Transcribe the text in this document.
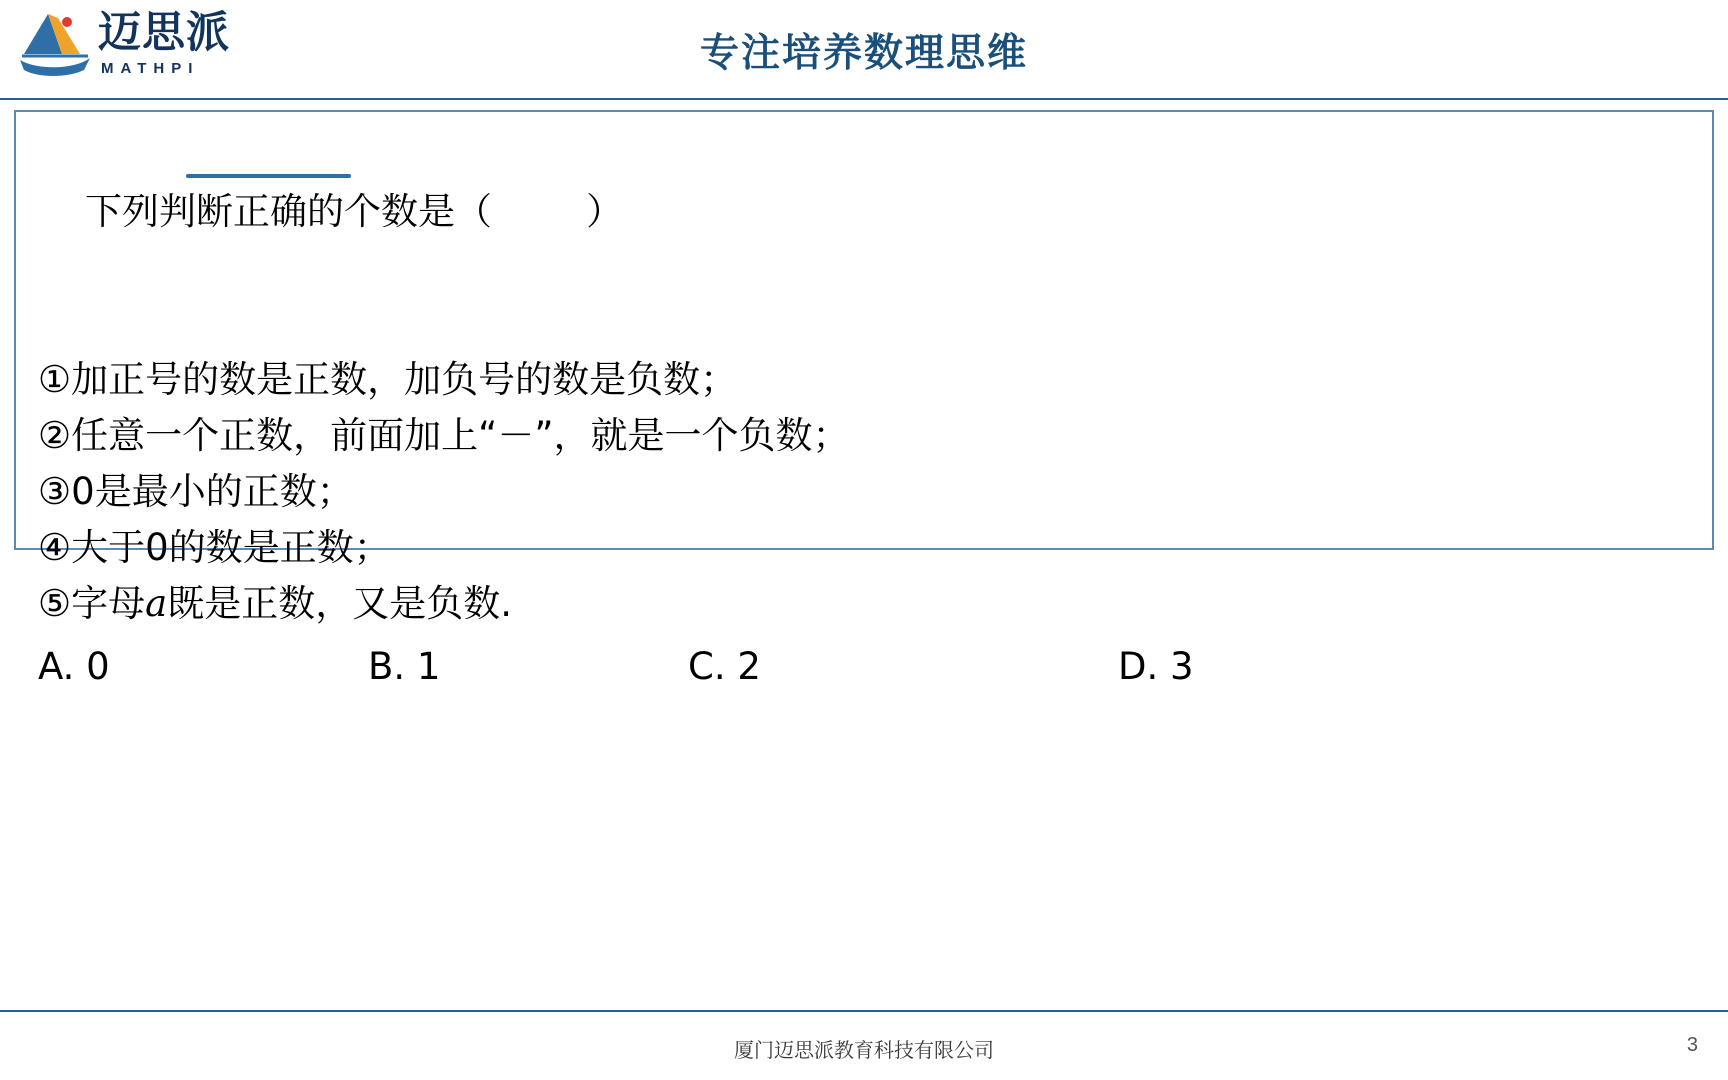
迈思派
MATHPI	专注培养数理思维

下列判断正确的个数是（        ）

①加正号的数是正数，加负号的数是负数；
②任意一个正数，前面加上“－”，就是一个负数；
③0是最小的正数；
④大于0的数是正数；
⑤字母a既是正数，又是负数.
A. 0	B. 1	C. 2	D. 3
厦门迈思派教育科技有限公司	3
